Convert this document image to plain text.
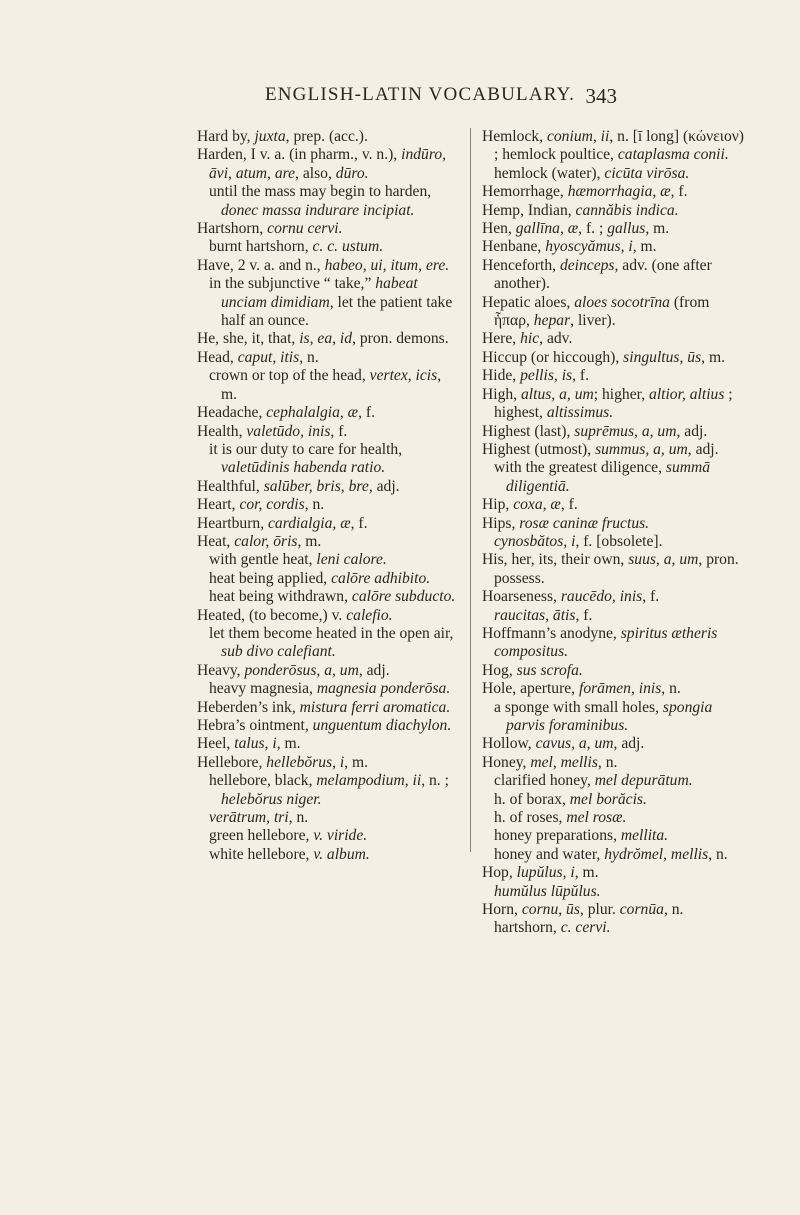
ENGLISH-LATIN VOCABULARY. 343
Hard by, juxta, prep. (acc.).
Harden, I v. a. (in pharm., v. n.), indūro, āvi, atum, are, also, dūro.
until the mass may begin to harden, donec massa indurare incipiat.
Hartshorn, cornu cervi.
burnt hartshorn, c. c. ustum.
Have, 2 v. a. and n., habeo, ui, itum, ere.
in the subjunctive “ take,” habeat unciam dimidiam, let the patient take half an ounce.
He, she, it, that, is, ea, id, pron. demons.
Head, caput, itis, n.
crown or top of the head, vertex, icis, m.
Headache, cephalalgia, æ, f.
Health, valetūdo, inis, f.
it is our duty to care for health, valetūdinis habenda ratio.
Healthful, salūber, bris, bre, adj.
Heart, cor, cordis, n.
Heartburn, cardialgia, æ, f.
Heat, calor, ōris, m.
with gentle heat, leni calore.
heat being applied, calōre adhibito.
heat being withdrawn, calōre subducto.
Heated, (to become,) v. calefio.
let them become heated in the open air, sub divo calefiant.
Heavy, ponderōsus, a, um, adj.
heavy magnesia, magnesia ponderōsa.
Heberden’s ink, mistura ferri aromatica.
Hebra’s ointment, unguentum diachylon.
Heel, talus, i, m.
Hellebore, hellebŏrus, i, m.
hellebore, black, melampodium, ii, n. ; helebŏrus niger.
verātrum, tri, n.
green hellebore, v. viride.
white hellebore, v. album.
Hemlock, conium, ii, n. [ī long] (κώνειον) ; hemlock poultice, cataplasma conii.
hemlock (water), cicūta virōsa.
Hemorrhage, hæmorrhagia, æ, f.
Hemp, Indian, cannăbis indica.
Hen, gallīna, æ, f. ; gallus, m.
Henbane, hyoscyămus, i, m.
Henceforth, deinceps, adv. (one after another).
Hepatic aloes, aloes socotrīna (from ἧπαρ, hepar, liver).
Here, hic, adv.
Hiccup (or hiccough), singultus, ūs, m.
Hide, pellis, is, f.
High, altus, a, um; higher, altior, altius ; highest, altissimus.
Highest (last), suprēmus, a, um, adj.
Highest (utmost), summus, a, um, adj.
with the greatest diligence, summā diligentiā.
Hip, coxa, æ, f.
Hips, rosæ caninæ fructus.
cynosbătos, i, f. [obsolete].
His, her, its, their own, suus, a, um, pron. possess.
Hoarseness, raucēdo, inis, f.
raucitas, ātis, f.
Hoffmann’s anodyne, spiritus ætheris compositus.
Hog, sus scrofa.
Hole, aperture, forāmen, inis, n.
a sponge with small holes, spongia parvis foraminibus.
Hollow, cavus, a, um, adj.
Honey, mel, mellis, n.
clarified honey, mel depurātum.
h. of borax, mel borăcis.
h. of roses, mel rosæ.
honey preparations, mellita.
honey and water, hydrŏmel, mellis, n.
Hop, lupŭlus, i, m.
humŭlus lūpŭlus.
Horn, cornu, ūs, plur. cornūa, n.
hartshorn, c. cervi.
